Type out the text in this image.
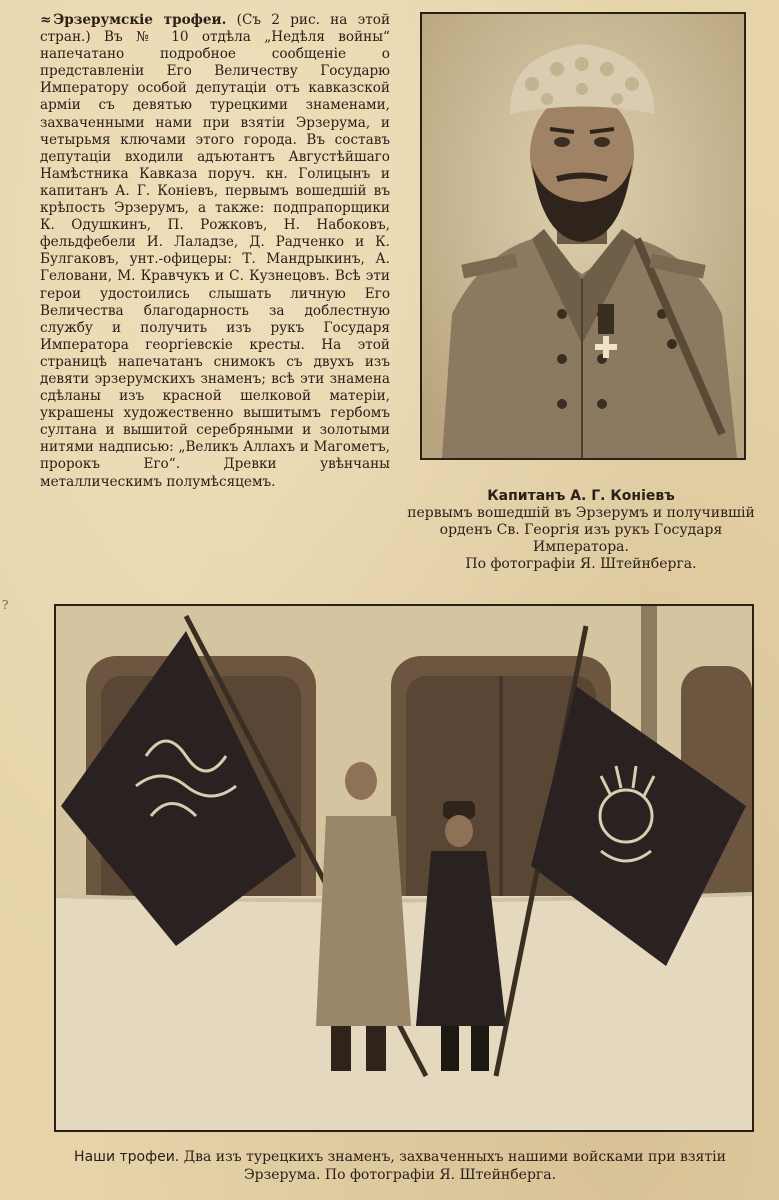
≈ Эрзерумскiе трофеи. (Съ 2 рис. на этой стран.) Въ № 10 отдѣла „Недѣля войны“ напечатано подробное сообщенiе о представленiи Его Величеству Государю Императору особой депутацiи отъ кавказской армiи съ девятью турецкими знаменами, захваченными нами при взятiи Эрзерума, и четырьмя ключами этого города. Въ составъ депутацiи входили адъютантъ Августѣйшаго Намѣстника Кавказа поруч. кн. Голицынъ и капитанъ А. Г. Конiевъ, первымъ вошедшiй въ крѣпость Эрзерумъ, а также: подпрапорщики К. Одушкинъ, П. Рожковъ, Н. Набоковъ, фельдфебели И. Лаладзе, Д. Радченко и К. Булгаковъ, унт.-офицеры: Т. Мандрыкинъ, А. Геловани, М. Кравчукъ и С. Кузнецовъ. Всѣ эти герои удостоились слышать личную Его Величества благодарность за доблестную службу и получить изъ рукъ Государя Императора георгiевскiе кресты. На этой страницѣ напечатанъ снимокъ съ двухъ изъ девяти эрзерумскихъ знаменъ; всѣ эти знамена сдѣланы изъ красной шелковой матерiи, украшены художественно вышитымъ гербомъ султана и вышитой серебряными и золотыми нитями надписью: „Великъ Аллахъ и Магометъ, пророкъ Его“. Древки увѣнчаны металлическимъ полумѣсяцемъ.
Капитанъ А. Г. Конiевъ
первымъ вошедшiй въ Эрзерумъ и получившiй орденъ Св. Георгiя изъ рукъ Государя Императора.
По фотографiи Я. Штейнберга.
?
Наши трофеи. Два изъ турецкихъ знаменъ, захваченныхъ нашими войсками при взятiи Эрзерума. По фотографiи Я. Штейнберга.
